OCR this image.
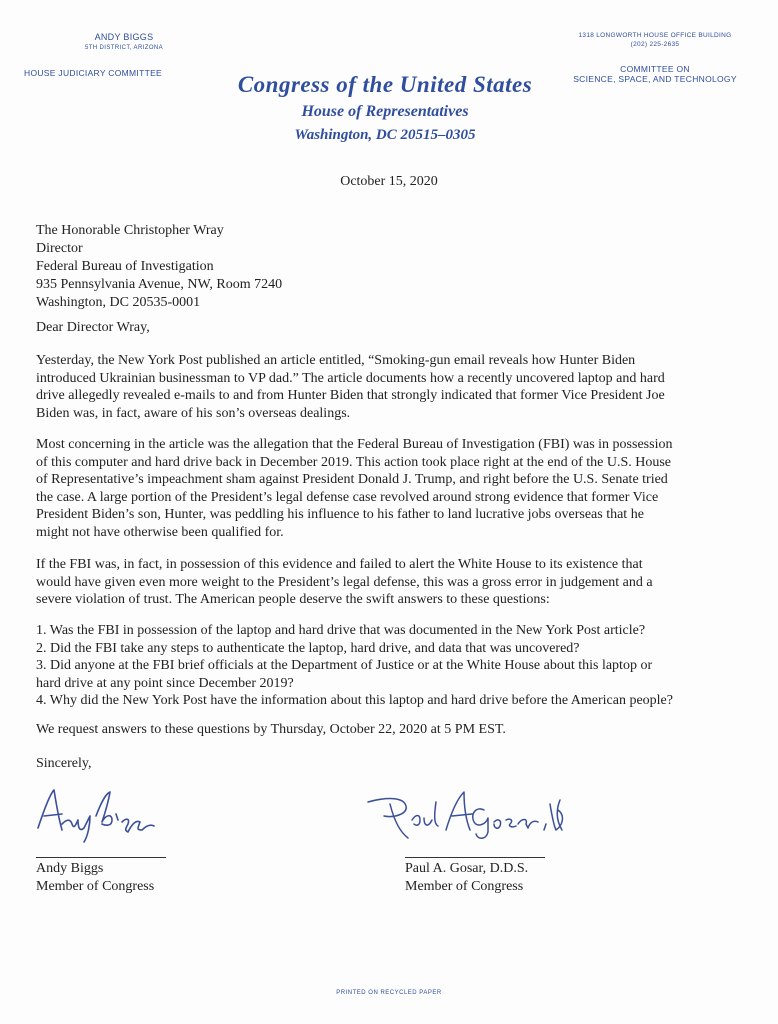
ANDY BIGGS
5TH DISTRICT, ARIZONA
HOUSE JUDICIARY COMMITTEE
1318 LONGWORTH HOUSE OFFICE BUILDING
(202) 225-2635
COMMITTEE ON
SCIENCE, SPACE, AND TECHNOLOGY
Congress of the United States
House of Representatives
Washington, DC 20515–0305
October 15, 2020
The Honorable Christopher Wray
Director
Federal Bureau of Investigation
935 Pennsylvania Avenue, NW, Room 7240
Washington, DC 20535-0001
Dear Director Wray,
Yesterday, the New York Post published an article entitled, “Smoking-gun email reveals how Hunter Biden
introduced Ukrainian businessman to VP dad.” The article documents how a recently uncovered laptop and hard
drive allegedly revealed e-mails to and from Hunter Biden that strongly indicated that former Vice President Joe
Biden was, in fact, aware of his son’s overseas dealings.
Most concerning in the article was the allegation that the Federal Bureau of Investigation (FBI) was in possession
of this computer and hard drive back in December 2019. This action took place right at the end of the U.S. House
of Representative’s impeachment sham against President Donald J. Trump, and right before the U.S. Senate tried
the case. A large portion of the President’s legal defense case revolved around strong evidence that former Vice
President Biden’s son, Hunter, was peddling his influence to his father to land lucrative jobs overseas that he
might not have otherwise been qualified for.
If the FBI was, in fact, in possession of this evidence and failed to alert the White House to its existence that
would have given even more weight to the President’s legal defense, this was a gross error in judgement and a
severe violation of trust. The American people deserve the swift answers to these questions:
1. Was the FBI in possession of the laptop and hard drive that was documented in the New York Post article?
2. Did the FBI take any steps to authenticate the laptop, hard drive, and data that was uncovered?
3. Did anyone at the FBI brief officials at the Department of Justice or at the White House about this laptop or
hard drive at any point since December 2019?
4. Why did the New York Post have the information about this laptop and hard drive before the American people?
We request answers to these questions by Thursday, October 22, 2020 at 5 PM EST.
Sincerely,
Andy Biggs
Member of Congress
Paul A. Gosar, D.D.S.
Member of Congress
PRINTED ON RECYCLED PAPER
